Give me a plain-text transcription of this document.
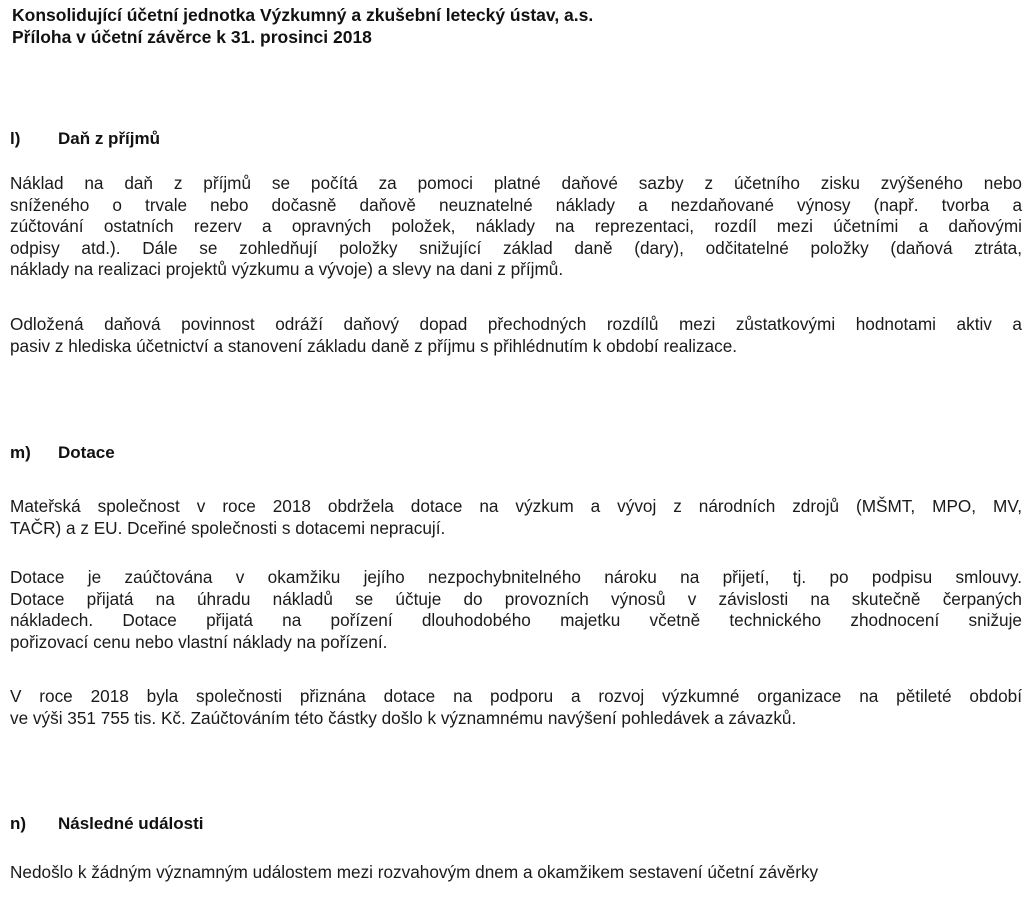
Konsolidující účetní jednotka Výzkumný a zkušební letecký ústav, a.s.
Příloha v účetní závěrce k 31. prosinci 2018
l) Daň z příjmů
Náklad na daň z příjmů se počítá za pomoci platné daňové sazby z účetního zisku zvýšeného nebo
sníženého o trvale nebo dočasně daňově neuznatelné náklady a nezdaňované výnosy (např. tvorba a
zúčtování ostatních rezerv a opravných položek, náklady na reprezentaci, rozdíl mezi účetními a daňovými
odpisy atd.). Dále se zohledňují položky snižující základ daně (dary), odčitatelné položky (daňová ztráta,
náklady na realizaci projektů výzkumu a vývoje) a slevy na dani z příjmů.
Odložená daňová povinnost odráží daňový dopad přechodných rozdílů mezi zůstatkovými hodnotami aktiv a
pasiv z hlediska účetnictví a stanovení základu daně z příjmu s přihlédnutím k období realizace.
m) Dotace
Mateřská společnost v roce 2018 obdržela dotace na výzkum a vývoj z národních zdrojů (MŠMT, MPO, MV,
TAČR) a z EU. Dceřiné společnosti s dotacemi nepracují.
Dotace je zaúčtována v okamžiku jejího nezpochybnitelného nároku na přijetí, tj. po podpisu smlouvy.
Dotace přijatá na úhradu nákladů se účtuje do provozních výnosů v závislosti na skutečně čerpaných
nákladech. Dotace přijatá na pořízení dlouhodobého majetku včetně technického zhodnocení snižuje
pořizovací cenu nebo vlastní náklady na pořízení.
V roce 2018 byla společnosti přiznána dotace na podporu a rozvoj výzkumné organizace na pětileté období
ve výši 351 755 tis. Kč. Zaúčtováním této částky došlo k významnému navýšení pohledávek a závazků.
n) Následné události
Nedošlo k žádným významným událostem mezi rozvahovým dnem a okamžikem sestavení účetní závěrky
